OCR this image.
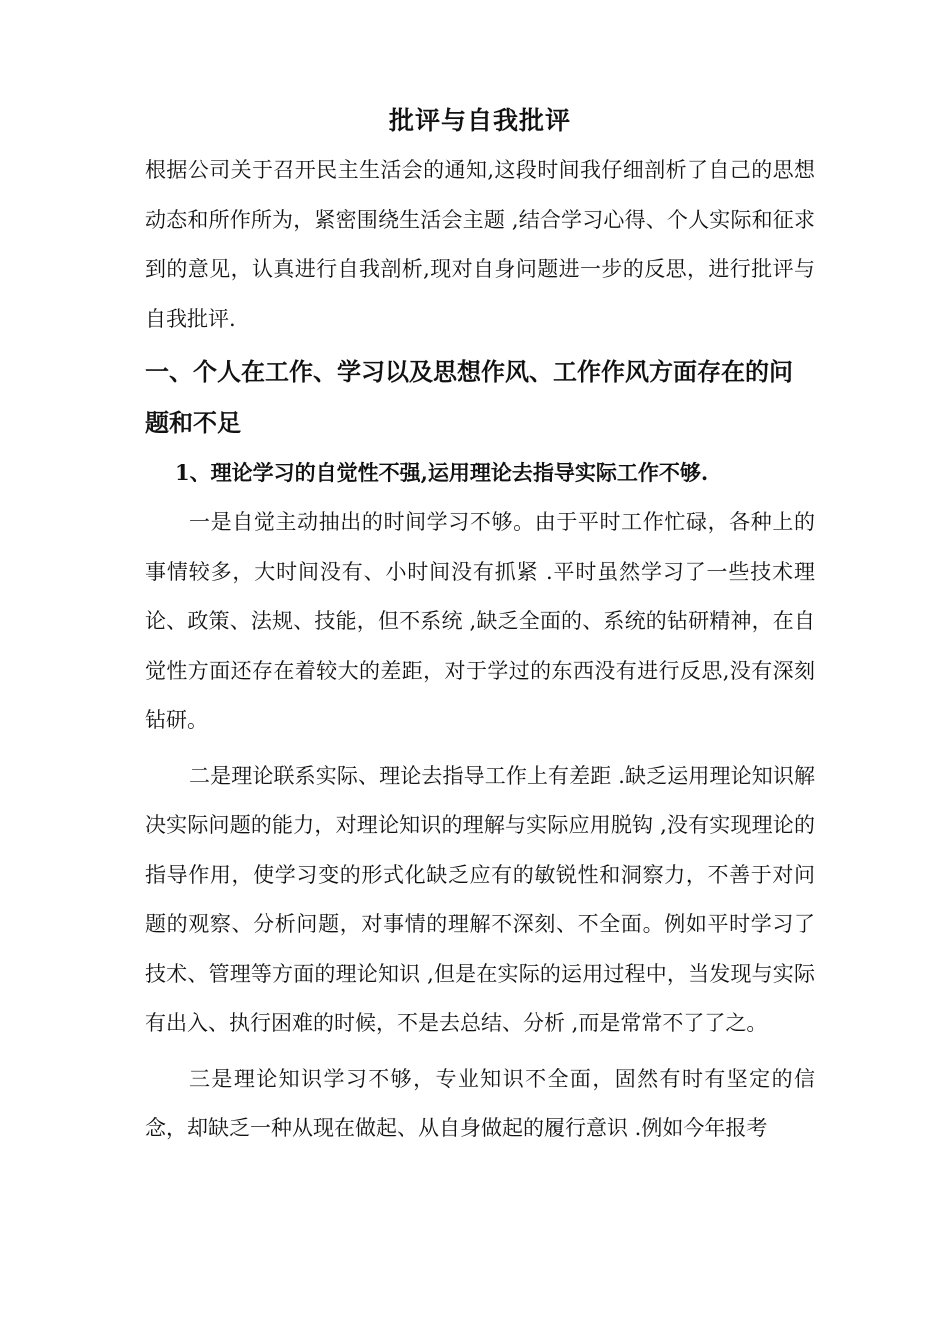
批评与自我批评

根据公司关于召开民主生活会的通知,这段时间我仔细剖析了自己的思想动态和所作所为，紧密围绕生活会主题 ,结合学习心得、个人实际和征求到的意见，认真进行自我剖析,现对自身问题进一步的反思，进行批评与自我批评.

一、个人在工作、学习以及思想作风、工作作风方面存在的问题和不足
1、理论学习的自觉性不强,运用理论去指导实际工作不够.

一是自觉主动抽出的时间学习不够。由于平时工作忙碌，各种上的事情较多，大时间没有、小时间没有抓紧 .平时虽然学习了一些技术理论、政策、法规、技能，但不系统 ,缺乏全面的、系统的钻研精神，在自觉性方面还存在着较大的差距，对于学过的东西没有进行反思,没有深刻钻研。

二是理论联系实际、理论去指导工作上有差距 .缺乏运用理论知识解决实际问题的能力，对理论知识的理解与实际应用脱钩 ,没有实现理论的指导作用，使学习变的形式化缺乏应有的敏锐性和洞察力，不善于对问题的观察、分析问题，对事情的理解不深刻、不全面。例如平时学习了技术、管理等方面的理论知识 ,但是在实际的运用过程中，当发现与实际有出入、执行困难的时候，不是去总结、分析 ,而是常常不了了之。

三是理论知识学习不够，专业知识不全面，固然有时有坚定的信念，却缺乏一种从现在做起、从自身做起的履行意识 .例如今年报考
